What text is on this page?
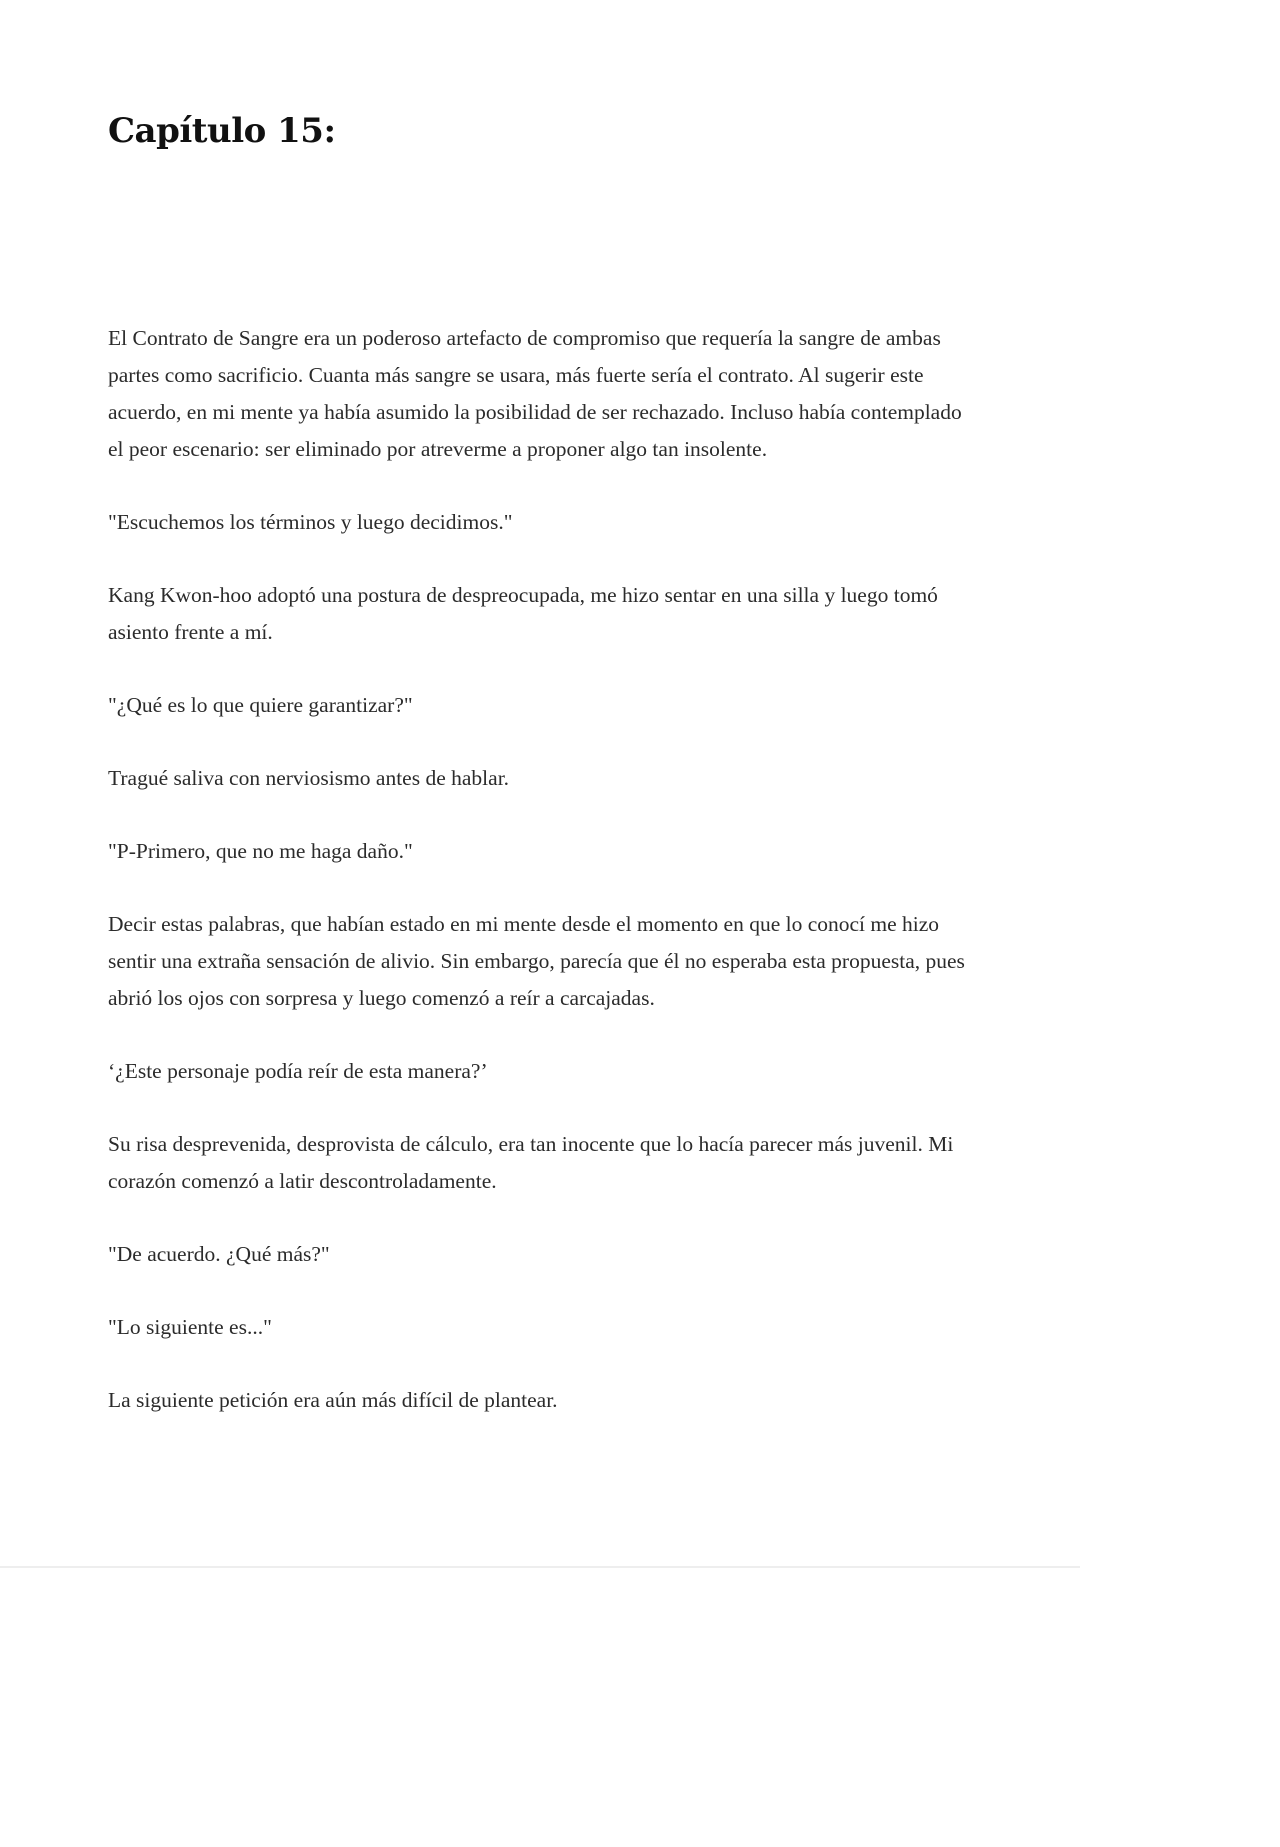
Capítulo 15:

El Contrato de Sangre era un poderoso artefacto de compromiso que requería la sangre de ambas partes como sacrificio. Cuanta más sangre se usara, más fuerte sería el contrato. Al sugerir este acuerdo, en mi mente ya había asumido la posibilidad de ser rechazado. Incluso había contemplado el peor escenario: ser eliminado por atreverme a proponer algo tan insolente.

"Escuchemos los términos y luego decidimos."

Kang Kwon-hoo adoptó una postura de despreocupada, me hizo sentar en una silla y luego tomó asiento frente a mí.

"¿Qué es lo que quiere garantizar?"

Tragué saliva con nerviosismo antes de hablar.

"P-Primero, que no me haga daño."

Decir estas palabras, que habían estado en mi mente desde el momento en que lo conocí me hizo sentir una extraña sensación de alivio. Sin embargo, parecía que él no esperaba esta propuesta, pues abrió los ojos con sorpresa y luego comenzó a reír a carcajadas.

‘¿Este personaje podía reír de esta manera?’

Su risa desprevenida, desprovista de cálculo, era tan inocente que lo hacía parecer más juvenil. Mi corazón comenzó a latir descontroladamente.

"De acuerdo. ¿Qué más?"

"Lo siguiente es..."

La siguiente petición era aún más difícil de plantear.
